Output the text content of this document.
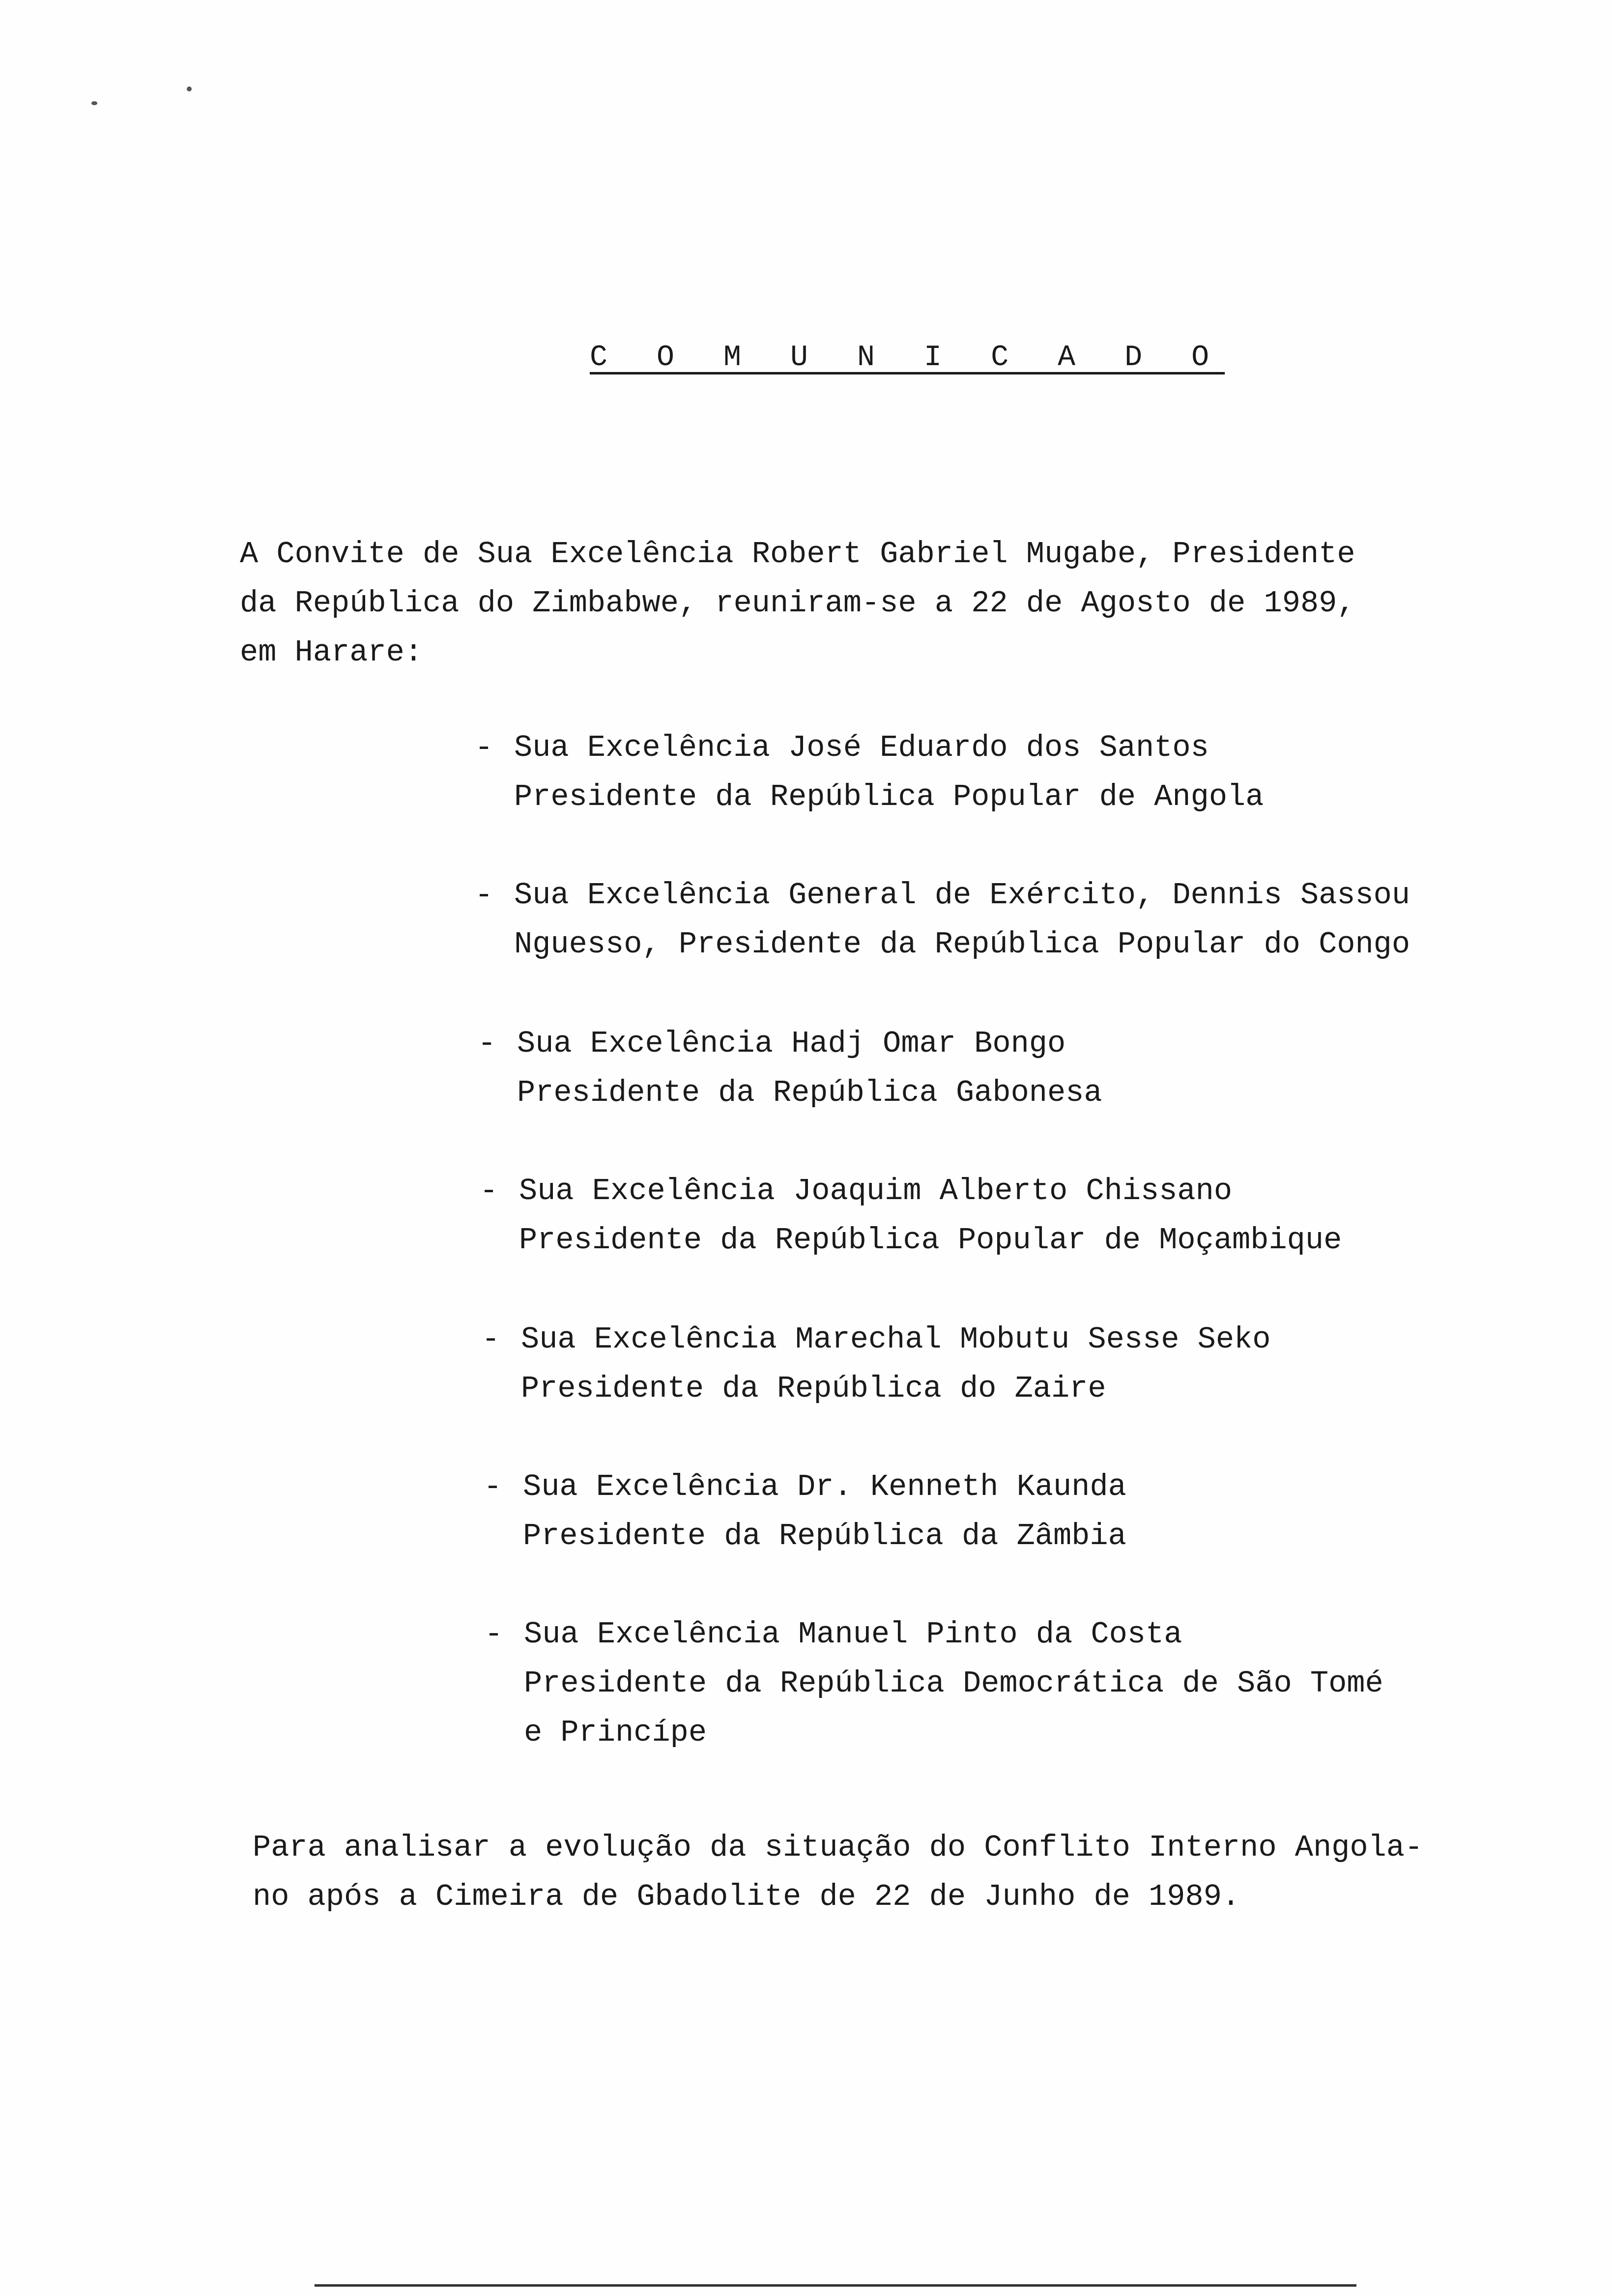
C O M U N I C A D O
A Convite de Sua Excelência Robert Gabriel Mugabe, Presidente
da República do Zimbabwe, reuniram-se a 22 de Agosto de 1989,
em Harare:
- Sua Excelência José Eduardo dos Santos
Presidente da República Popular de Angola
- Sua Excelência General de Exército, Dennis Sassou
Nguesso, Presidente da República Popular do Congo
- Sua Excelência Hadj Omar Bongo
Presidente da República Gabonesa
- Sua Excelência Joaquim Alberto Chissano
Presidente da República Popular de Moçambique
- Sua Excelência Marechal Mobutu Sesse Seko
Presidente da República do Zaire
- Sua Excelência Dr. Kenneth Kaunda
Presidente da República da Zâmbia
- Sua Excelência Manuel Pinto da Costa
Presidente da República Democrática de São Tomé
e Princípe
Para analisar a evolução da situação do Conflito Interno Angola-
no após a Cimeira de Gbadolite de 22 de Junho de 1989.
